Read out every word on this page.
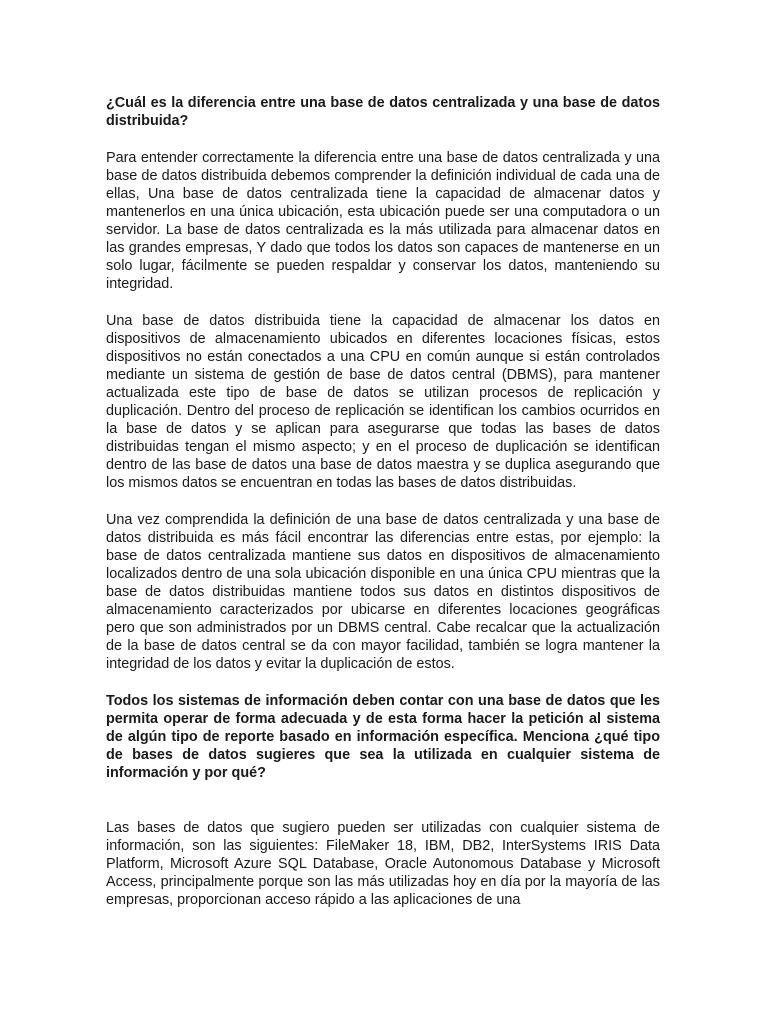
¿Cuál es la diferencia entre una base de datos centralizada y una base de datos distribuida?

Para entender correctamente la diferencia entre una base de datos centralizada y una base de datos distribuida debemos comprender la definición individual de cada una de ellas, Una base de datos centralizada tiene la capacidad de almacenar datos y mantenerlos en una única ubicación, esta ubicación puede ser una computadora o un servidor. La base de datos centralizada es la más utilizada para almacenar datos en las grandes empresas, Y dado que todos los datos son capaces de mantenerse en un solo lugar, fácilmente se pueden respaldar y conservar los datos, manteniendo su integridad.

Una base de datos distribuida tiene la capacidad de almacenar los datos en dispositivos de almacenamiento ubicados en diferentes locaciones físicas, estos dispositivos no están conectados a una CPU en común aunque si están controlados mediante un sistema de gestión de base de datos central (DBMS), para mantener actualizada este tipo de base de datos se utilizan procesos de replicación y duplicación. Dentro del proceso de replicación se identifican los cambios ocurridos en la base de datos y se aplican para asegurarse que todas las bases de datos distribuidas tengan el mismo aspecto; y en el proceso de duplicación se identifican dentro de las base de datos una base de datos maestra y se duplica asegurando que los mismos datos se encuentran en todas las bases de datos distribuidas.

Una vez comprendida la definición de una base de datos centralizada y una base de datos distribuida es más fácil encontrar las diferencias entre estas, por ejemplo: la base de datos centralizada mantiene sus datos en dispositivos de almacenamiento localizados dentro de una sola ubicación disponible en una única CPU mientras que la base de datos distribuidas mantiene todos sus datos en distintos dispositivos de almacenamiento caracterizados por ubicarse en diferentes locaciones geográficas pero que son administrados por un DBMS central. Cabe recalcar que la actualización de la base de datos central se da con mayor facilidad, también se logra mantener la integridad de los datos y evitar la duplicación de estos.

Todos los sistemas de información deben contar con una base de datos que les permita operar de forma adecuada y de esta forma hacer la petición al sistema de algún tipo de reporte basado en información específica. Menciona ¿qué tipo de bases de datos sugieres que sea la utilizada en cualquier sistema de información y por qué?

Las bases de datos que sugiero pueden ser utilizadas con cualquier sistema de información, son las siguientes: FileMaker 18, IBM, DB2, InterSystems IRIS Data Platform, Microsoft Azure SQL Database, Oracle Autonomous Database y Microsoft Access, principalmente porque son las más utilizadas hoy en día por la mayoría de las empresas, proporcionan acceso rápido a las aplicaciones de una
